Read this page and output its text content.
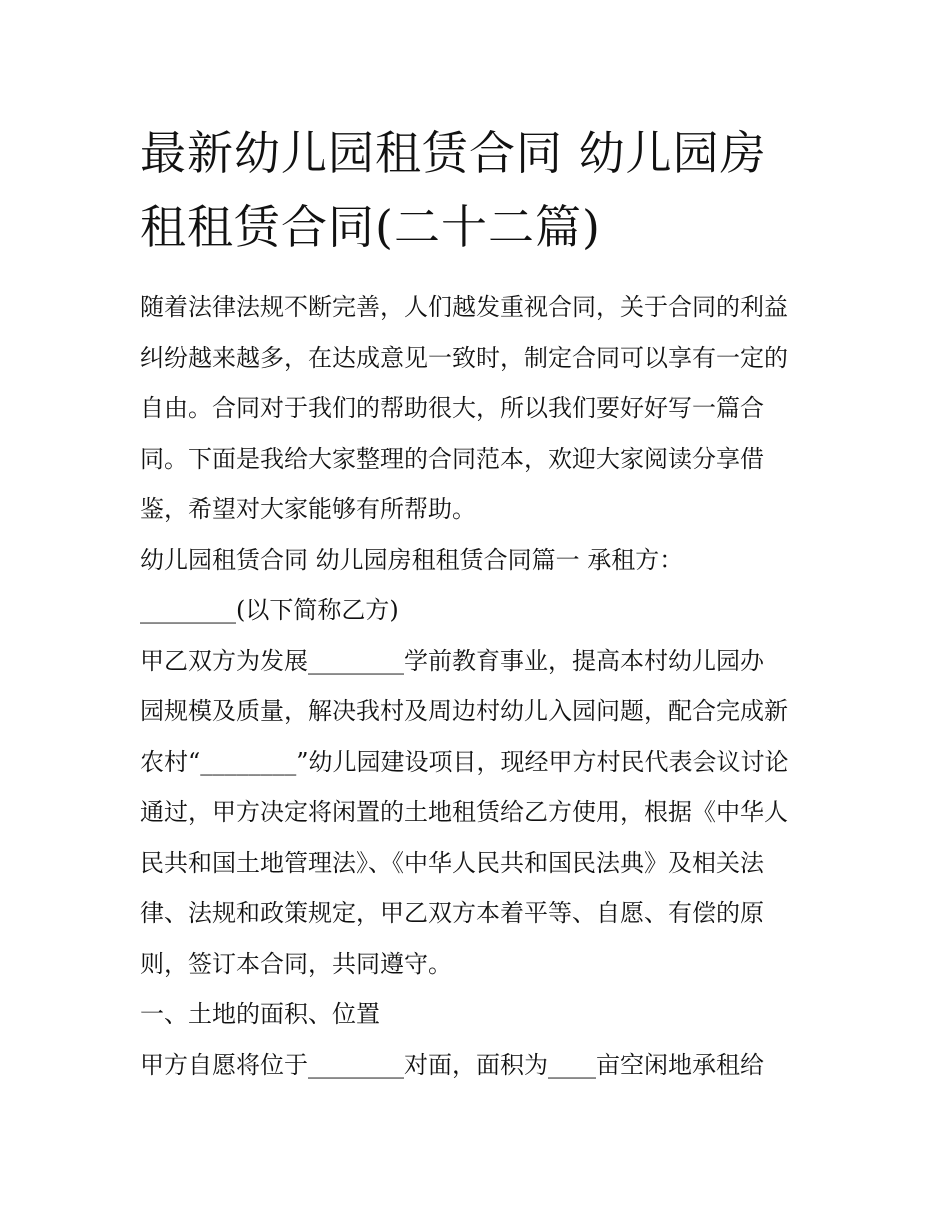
最新幼儿园租赁合同 幼儿园房
租租赁合同(二十二篇)
随着法律法规不断完善，人们越发重视合同，关于合同的利益
纠纷越来越多，在达成意见一致时，制定合同可以享有一定的
自由。合同对于我们的帮助很大，所以我们要好好写一篇合
同。下面是我给大家整理的合同范本，欢迎大家阅读分享借
鉴，希望对大家能够有所帮助。
幼儿园租赁合同 幼儿园房租租赁合同篇一 承租方：
________(以下简称乙方)
甲乙双方为发展________学前教育事业，提高本村幼儿园办
园规模及质量，解决我村及周边村幼儿入园问题，配合完成新
农村“________”幼儿园建设项目，现经甲方村民代表会议讨论
通过，甲方决定将闲置的土地租赁给乙方使用，根据《中华人
民共和国土地管理法》、《中华人民共和国民法典》及相关法
律、法规和政策规定，甲乙双方本着平等、自愿、有偿的原
则，签订本合同，共同遵守。
一、土地的面积、位置
甲方自愿将位于________对面，面积为____亩空闲地承租给
